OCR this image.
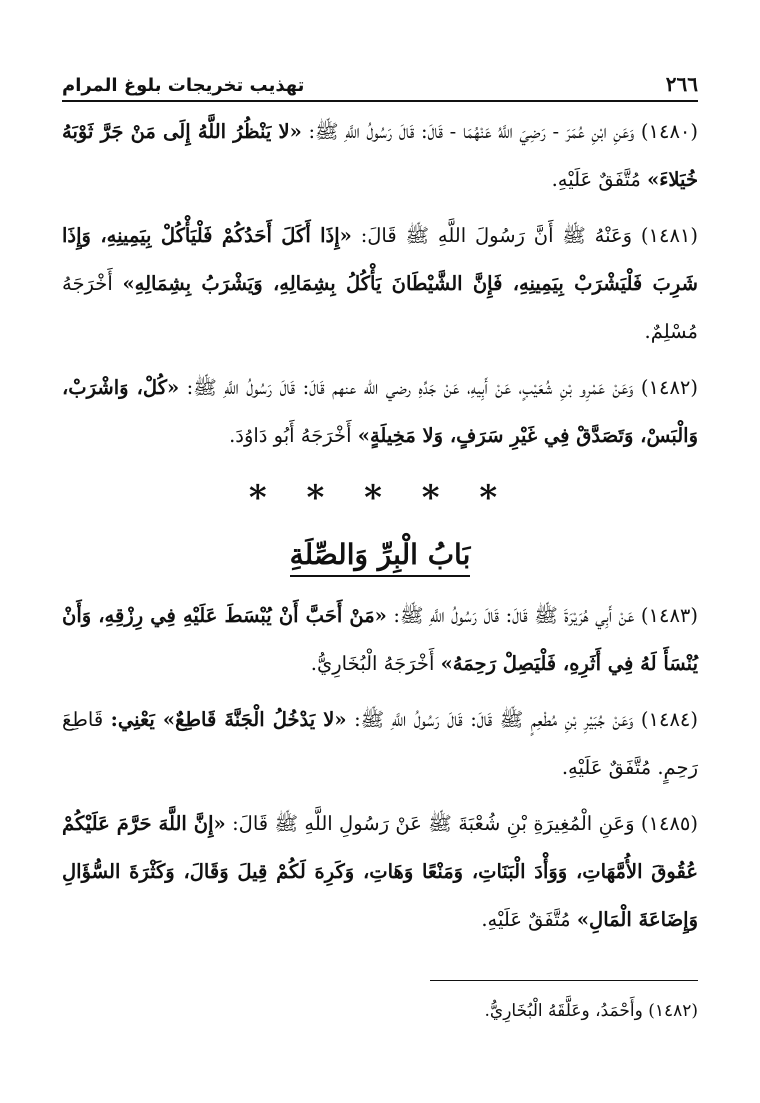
٢٦٦
تهذيب تخريجات بلوغ المرام

(١٤٨٠) وَعَنِ ابْنِ عُمَرَ - رَضِيَ اللَّهُ عَنْهُمَا - قَالَ: قَالَ رَسُولُ اللَّهِ ﷺ: «لا يَنْظُرُ اللَّهُ إِلَى مَنْ جَرَّ ثَوْبَهُ خُيَلاءَ» مُتَّفَقٌ عَلَيْهِ.

(١٤٨١) وَعَنْهُ ﷺ أَنَّ رَسُولَ اللَّهِ ﷺ قَالَ: «إِذَا أَكَلَ أَحَدُكُمْ فَلْيَأْكُلْ بِيَمِينِهِ، وَإِذَا شَرِبَ فَلْيَشْرَبْ بِيَمِينِهِ، فَإِنَّ الشَّيْطَانَ يَأْكُلُ بِشِمَالِهِ، وَيَشْرَبُ بِشِمَالِهِ» أَخْرَجَهُ مُسْلِمٌ.

(١٤٨٢) وَعَنْ عَمْرِو بْنِ شُعَيْبٍ، عَنْ أَبِيهِ، عَنْ جَدِّهِ رضي الله عنهم قَالَ: قَالَ رَسُولُ اللَّهِ ﷺ: «كُلْ، وَاشْرَبْ، وَالْبَسْ، وَتَصَدَّقْ فِي غَيْرِ سَرَفٍ، وَلا مَخِيلَةٍ» أَخْرَجَهُ أَبُو دَاوُدَ.

* * * * *
بَابُ الْبِرِّ وَالصِّلَةِ

(١٤٨٣) عَنْ أَبِي هُرَيْرَةَ ﷺ قَالَ: قَالَ رَسُولُ اللَّهِ ﷺ: «مَنْ أَحَبَّ أَنْ يُبْسَطَ عَلَيْهِ فِي رِزْقِهِ، وَأَنْ يُنْسَأَ لَهُ فِي أَثَرِهِ، فَلْيَصِلْ رَحِمَهُ» أَخْرَجَهُ الْبُخَارِيُّ.

(١٤٨٤) وَعَنْ جُبَيْرِ بْنِ مُطْعِمٍ ﷺ قَالَ: قَالَ رَسُولُ اللَّهِ ﷺ: «لا يَدْخُلُ الْجَنَّةَ قَاطِعٌ» يَعْنِي: قَاطِعَ رَحِمٍ. مُتَّفَقٌ عَلَيْهِ.

(١٤٨٥) وَعَنِ الْمُغِيرَةِ بْنِ شُعْبَةَ ﷺ عَنْ رَسُولِ اللَّهِ ﷺ قَالَ: «إِنَّ اللَّهَ حَرَّمَ عَلَيْكُمْ عُقُوقَ الأُمَّهَاتِ، وَوَأْدَ الْبَنَاتِ، وَمَنْعًا وَهَاتِ، وَكَرِهَ لَكُمْ قِيلَ وَقَالَ، وَكَثْرَةَ السُّؤَالِ وَإِضَاعَةَ الْمَالِ» مُتَّفَقٌ عَلَيْهِ.

(١٤٨٢) وأَحْمَدُ، وعَلَّقَهُ الْبُخَارِيُّ.
